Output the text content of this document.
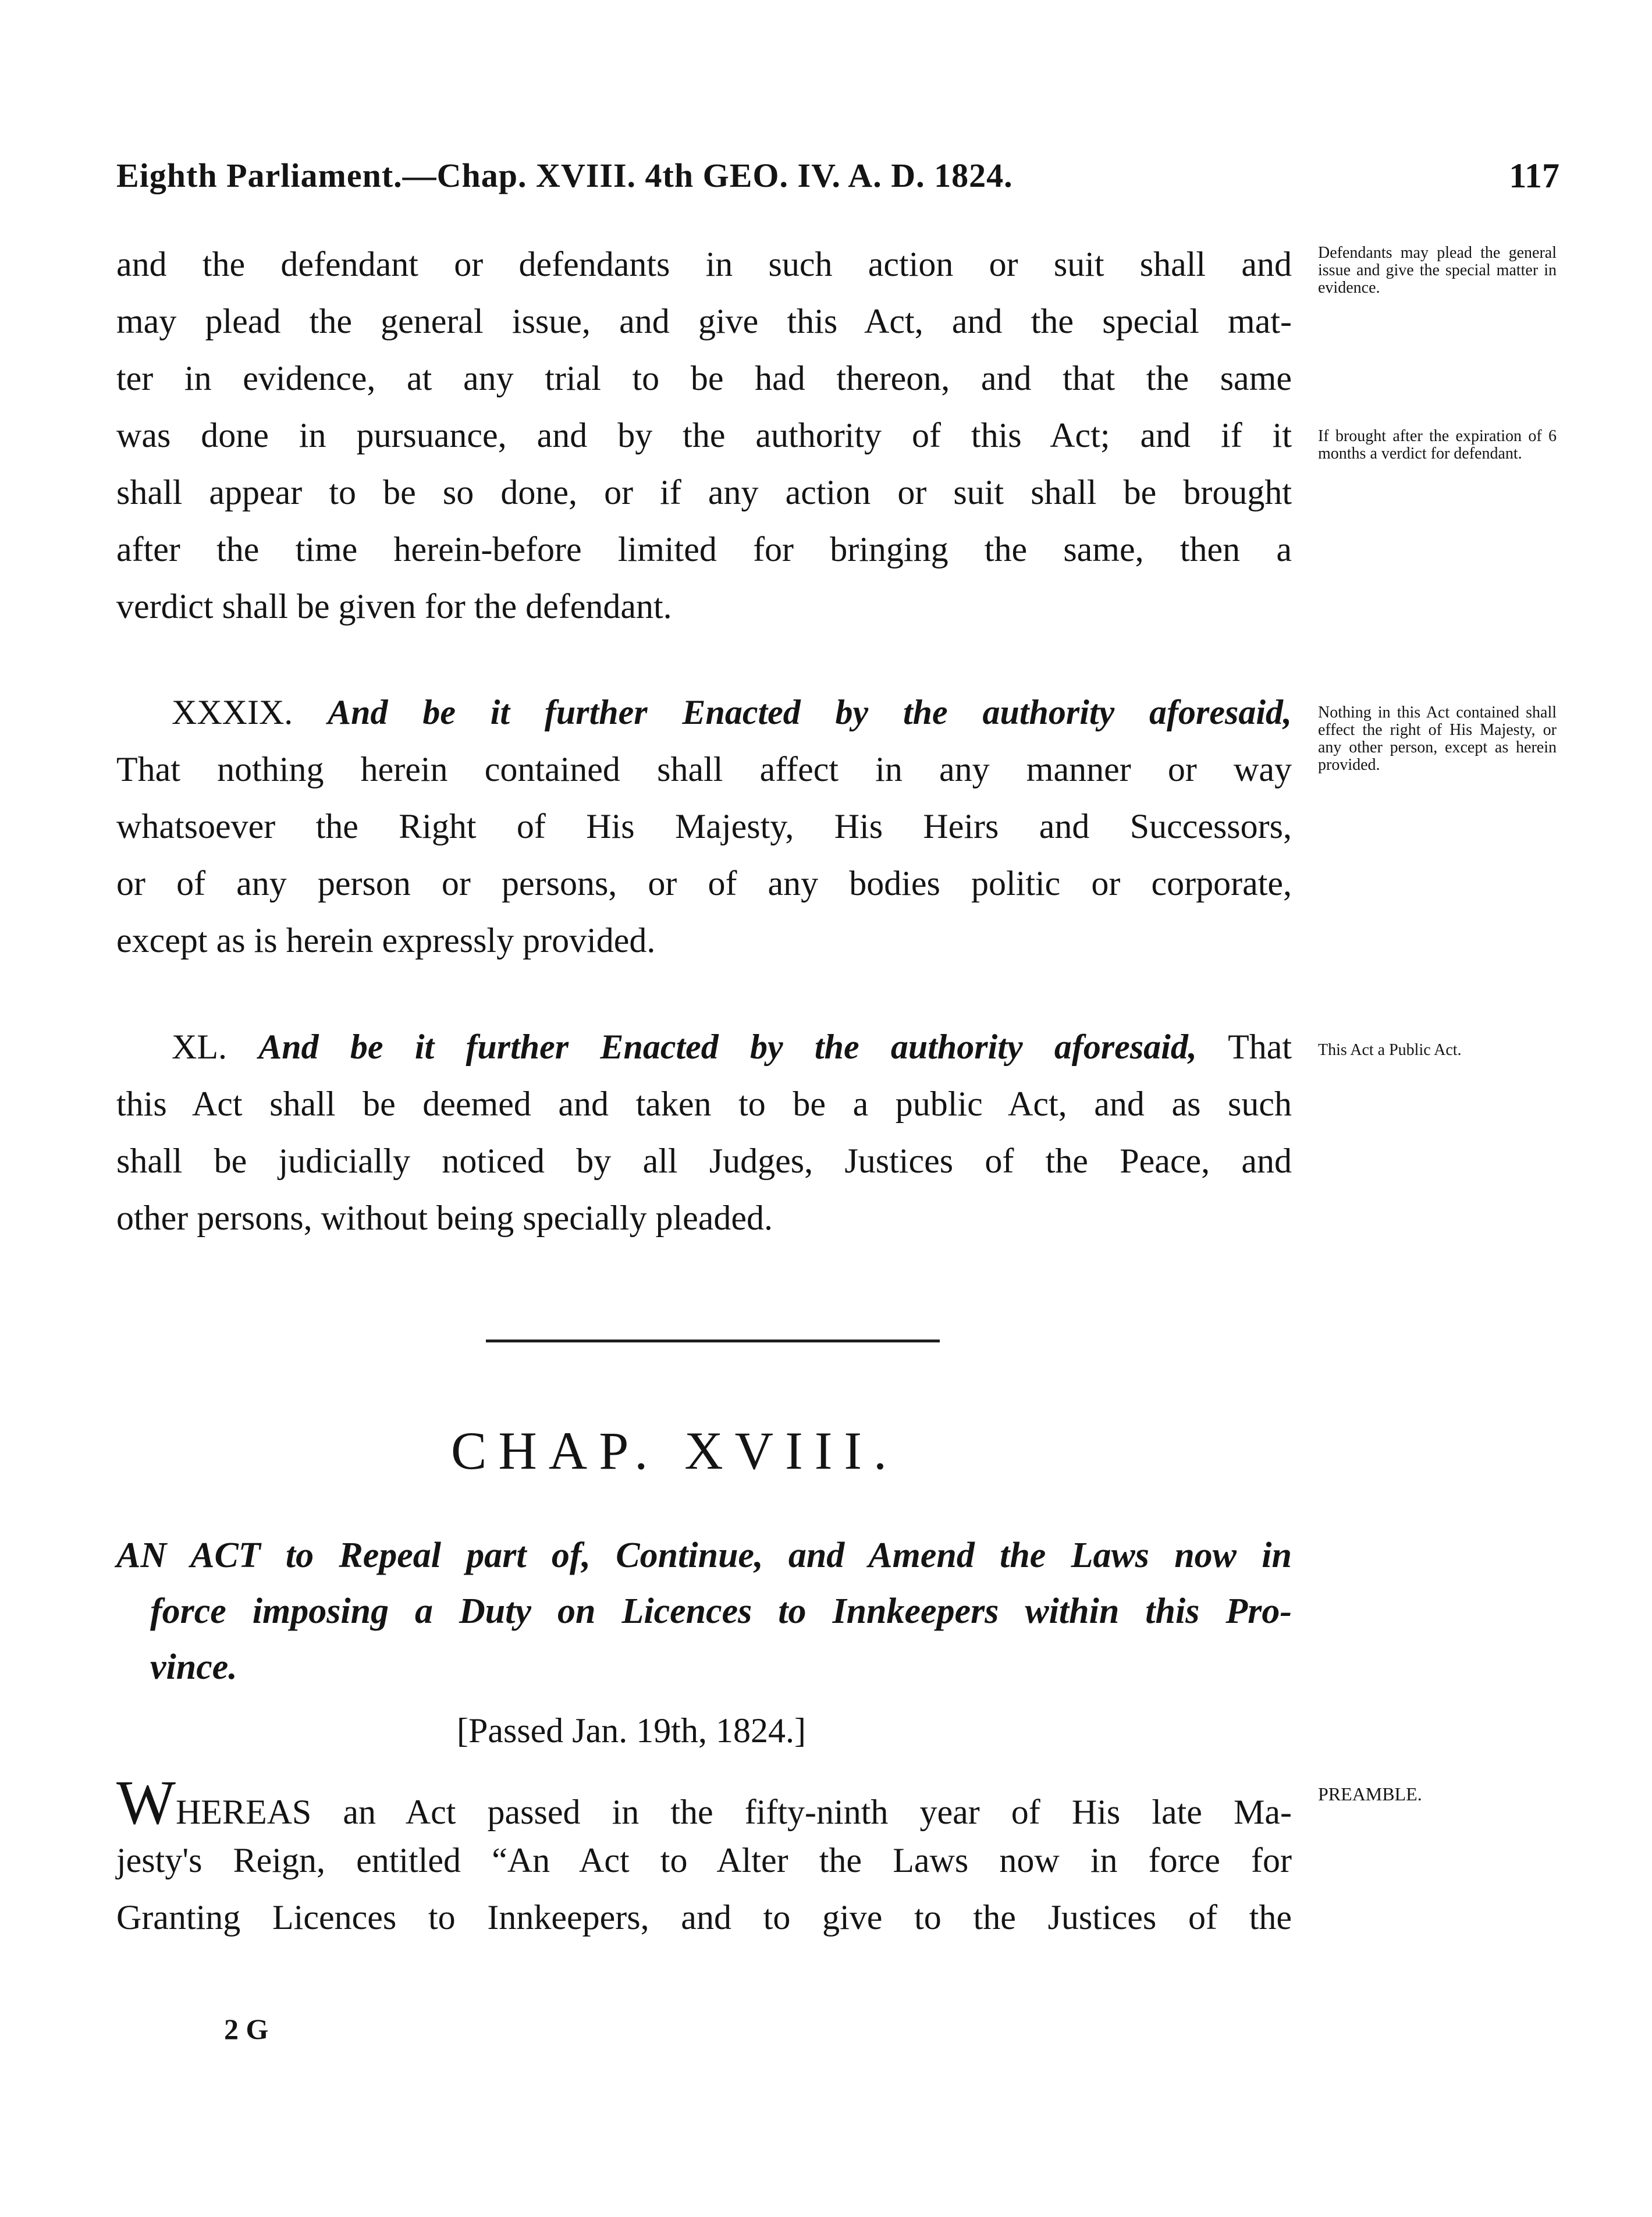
Eighth Parliament.—Chap. XVIII. 4th GEO. IV. A. D. 1824.	117
and the defendant or defendants in such action or suit shall and
may plead the general issue, and give this Act, and the special mat-
ter in evidence, at any trial to be had thereon, and that the same
was done in pursuance, and by the authority of this Act; and if it
shall appear to be so done, or if any action or suit shall be brought
after the time herein-before limited for bringing the same, then a
verdict shall be given for the defendant.
XXXIX. And be it further Enacted by the authority aforesaid,
That nothing herein contained shall affect in any manner or way
whatsoever the Right of His Majesty, His Heirs and Successors,
or of any person or persons, or of any bodies politic or corporate,
except as is herein expressly provided.
XL. And be it further Enacted by the authority aforesaid, That
this Act shall be deemed and taken to be a public Act, and as such
shall be judicially noticed by all Judges, Justices of the Peace, and
other persons, without being specially pleaded.
Defendants may plead the general issue and give the special matter in evidence.
If brought after the expiration of 6 months a verdict for defendant.
Nothing in this Act contained shall effect the right of His Majesty, or any other person, except as herein provided.
This Act a Public Act.
PREAMBLE.
CHAP. XVIII.
AN ACT to Repeal part of, Continue, and Amend the Laws now in
force imposing a Duty on Licences to Innkeepers within this Pro-
vince.
[Passed Jan. 19th, 1824.]
WHEREAS an Act passed in the fifty-ninth year of His late Ma-
jesty's Reign, entitled “An Act to Alter the Laws now in force for
Granting Licences to Innkeepers, and to give to the Justices of the
2 G
